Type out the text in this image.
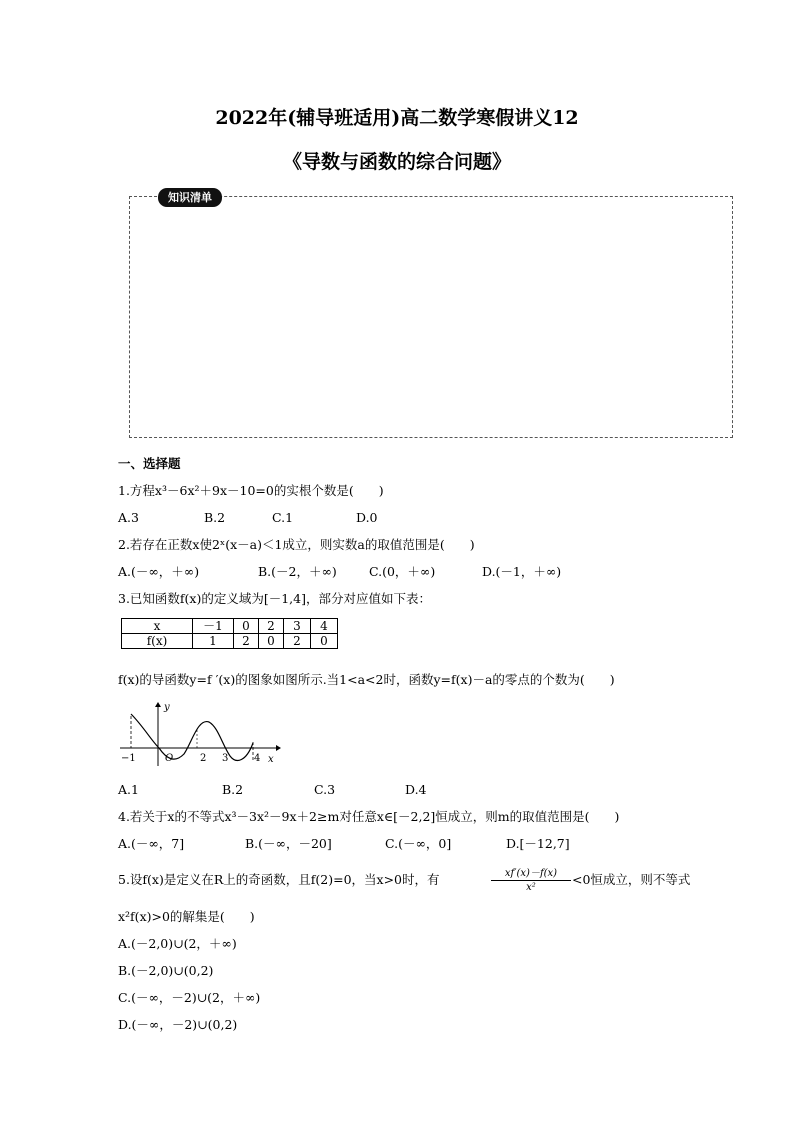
2022年(辅导班适用)高二数学寒假讲义12
《导数与函数的综合问题》
知识清单
一、选择题
1.方程x³－6x²＋9x－10=0的实根个数是(　　)
A.3	B.2	C.1	D.0
2.若存在正数x使2ˣ(x－a)＜1成立，则实数a的取值范围是(　　)
A.(－∞，＋∞)	B.(－2，＋∞)	C.(0，＋∞)	D.(－1，＋∞)
3.已知函数f(x)的定义域为[－1,4]，部分对应值如下表：
x	－1	0	2	3	4
f(x)	1	2	0	2	0
f(x)的导函数y=f ′(x)的图象如图所示.当1<a<2时，函数y=f(x)－a的零点的个数为(　　)
y
x
O
−1	2 3	4
A.1	B.2	C.3	D.4
4.若关于x的不等式x³－3x²－9x＋2≥m对任意x∈[－2,2]恒成立，则m的取值范围是(　　)
A.(－∞，7]	B.(－∞，－20]	C.(－∞，0]	D.[－12,7]
5.设f(x)是定义在R上的奇函数，且f(2)=0，当x>0时，有	$\frac{xf'(x)-f(x)}{\text{x²}} <0$恒成立，则不等式
x²f(x)>0的解集是(　　)
A.(－2,0)∪(2，＋∞)
B.(－2,0)∪(0,2)
C.(－∞，－2)∪(2，＋∞)
D.(－∞，－2)∪(0,2)
